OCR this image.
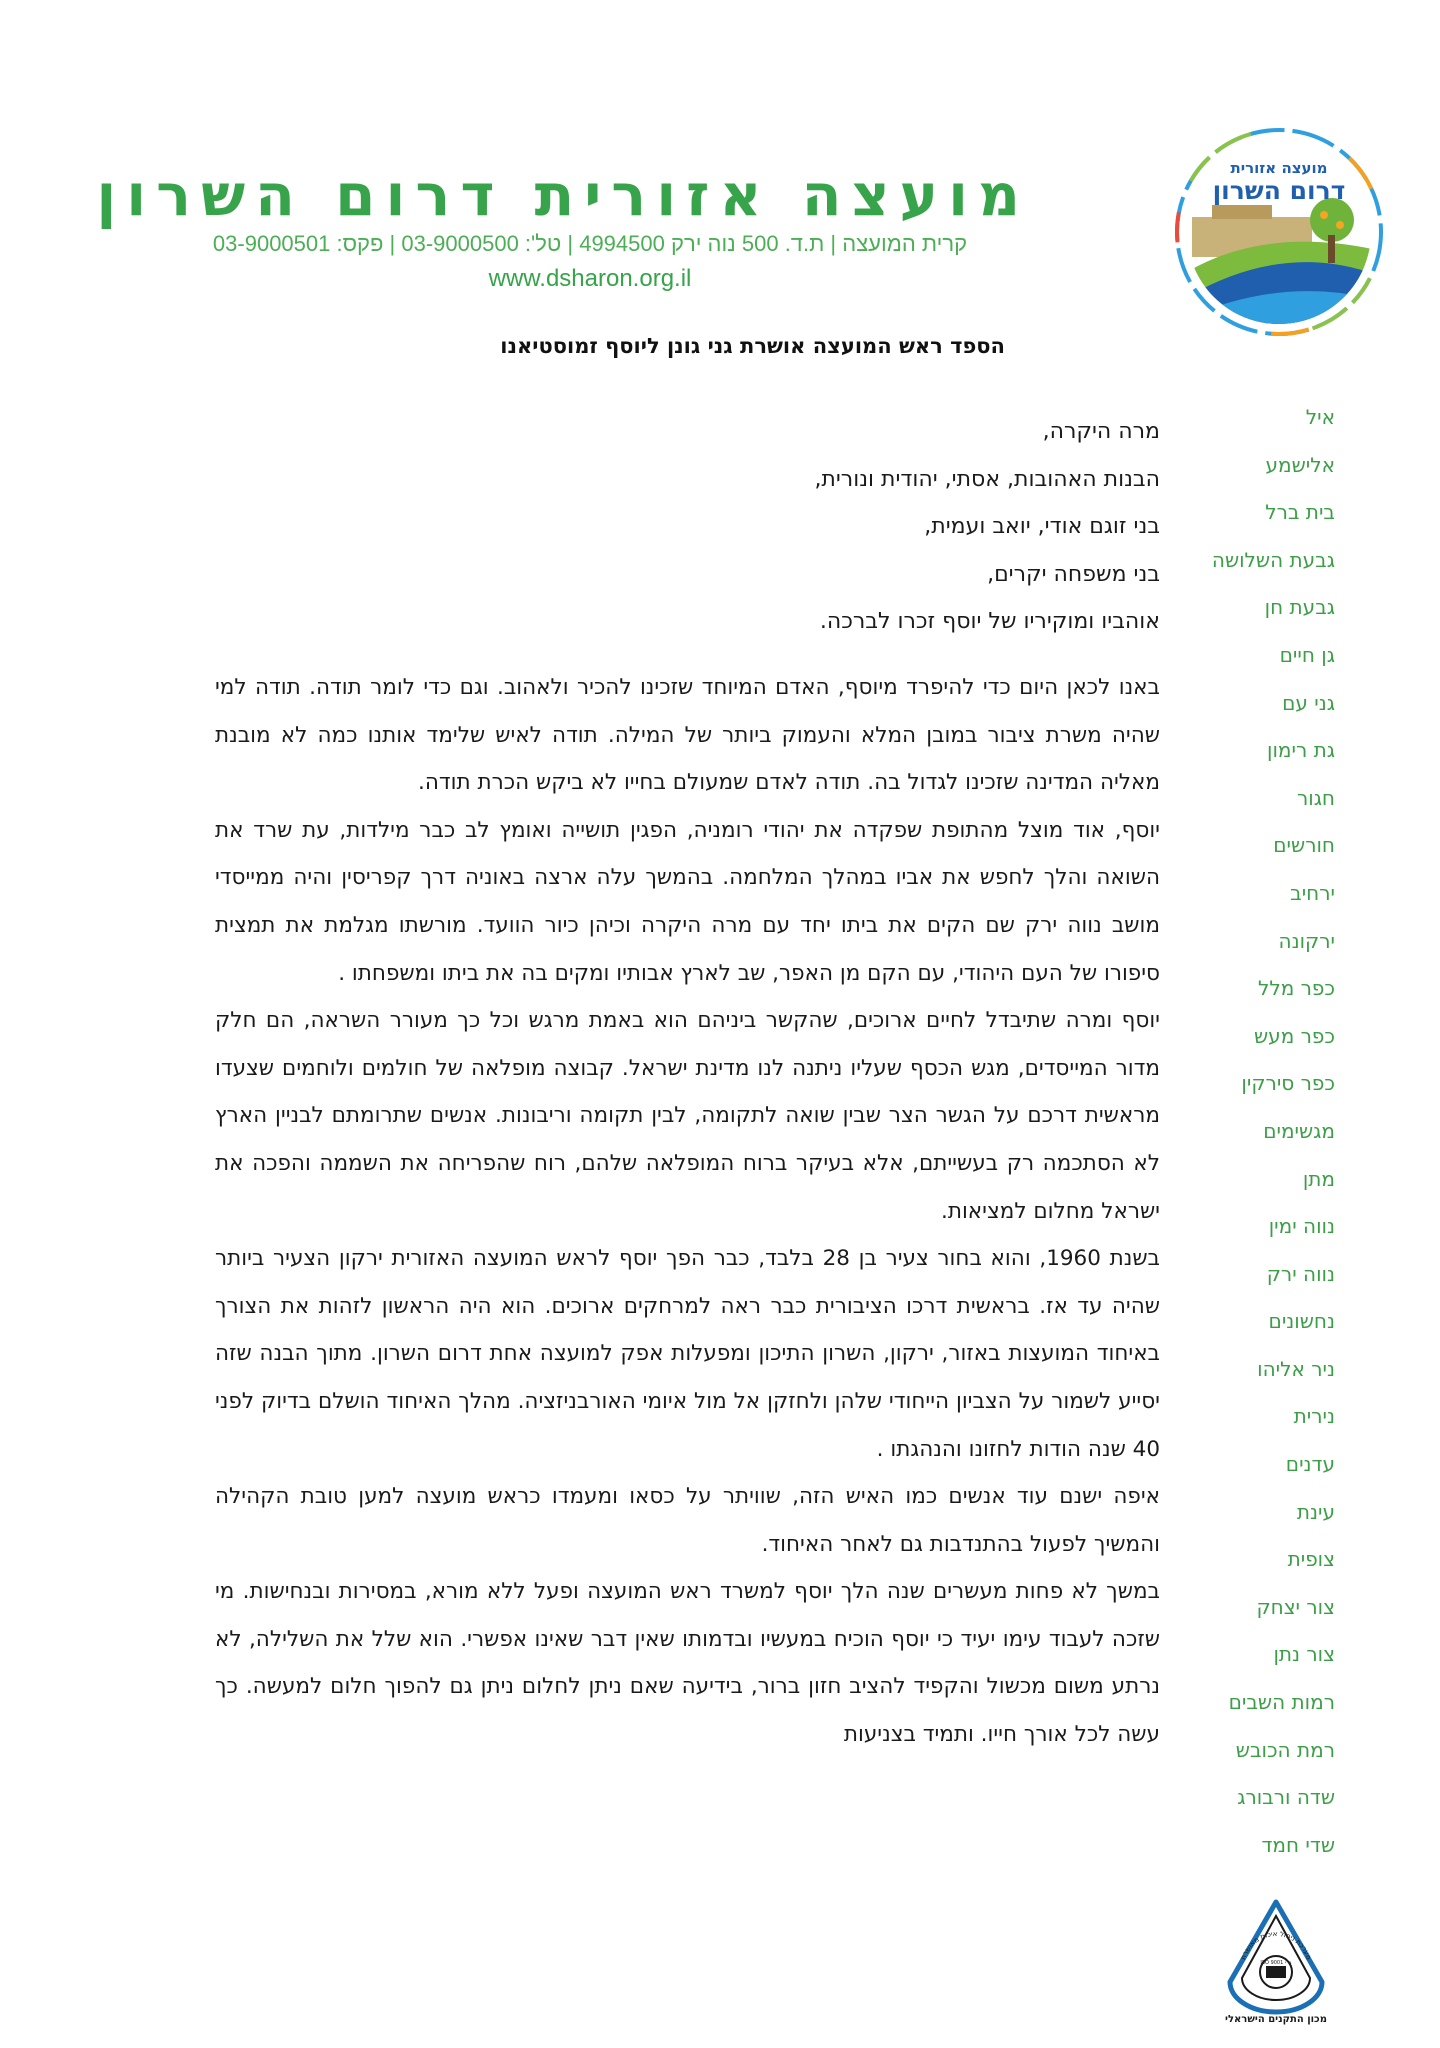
מועצה אזורית
דרום השרון
מועצה אזורית דרום השרון
קרית המועצה | ת.ד. 500 נוה ירק 4994500 | טל': 03-9000500 | פקס: 03-9000501
www.dsharon.org.il
הספד ראש המועצה אושרת גני גונן ליוסף זמוסטיאנו
איל
אלישמע
בית ברל
גבעת השלושה
גבעת חן
גן חיים
גני עם
גת רימון
חגור
חורשים
ירחיב
ירקונה
כפר מלל
כפר מעש
כפר סירקין
מגשימים
מתן
נווה ימין
נווה ירק
נחשונים
ניר אליהו
נירית
עדנים
עינת
צופית
צור יצחק
צור נתן
רמות השבים
רמת הכובש
שדה ורבורג
שדי חמד
מרה היקרה,
הבנות האהובות, אסתי, יהודית ונורית,
בני זוגם אודי, יואב ועמית,
בני משפחה יקרים,
אוהביו ומוקיריו של יוסף זכרו לברכה.

באנו לכאן היום כדי להיפרד מיוסף, האדם המיוחד שזכינו להכיר ולאהוב. וגם כדי לומר תודה. תודה למי שהיה משרת ציבור במובן המלא והעמוק ביותר של המילה. תודה לאיש שלימד אותנו כמה לא מובנת מאליה המדינה שזכינו לגדול בה. תודה לאדם שמעולם בחייו לא ביקש הכרת תודה.

יוסף, אוד מוצל מהתופת שפקדה את יהודי רומניה, הפגין תושייה ואומץ לב כבר מילדות, עת שרד את השואה והלך לחפש את אביו במהלך המלחמה. בהמשך עלה ארצה באוניה דרך קפריסין והיה ממייסדי מושב נווה ירק שם הקים את ביתו יחד עם מרה היקרה וכיהן כיור הוועד. מורשתו מגלמת את תמצית סיפורו של העם היהודי, עם הקם מן האפר, שב לארץ אבותיו ומקים בה את ביתו ומשפחתו .

יוסף ומרה שתיבדל לחיים ארוכים, שהקשר ביניהם הוא באמת מרגש וכל כך מעורר השראה, הם חלק מדור המייסדים, מגש הכסף שעליו ניתנה לנו מדינת ישראל. קבוצה מופלאה של חולמים ולוחמים שצעדו מראשית דרכם על הגשר הצר שבין שואה לתקומה, לבין תקומה וריבונות. אנשים שתרומתם לבניין הארץ לא הסתכמה רק בעשייתם, אלא בעיקר ברוח המופלאה שלהם, רוח שהפריחה את השממה והפכה את ישראל מחלום למציאות.

בשנת 1960, והוא בחור צעיר בן 28 בלבד, כבר הפך יוסף לראש המועצה האזורית ירקון הצעיר ביותר שהיה עד אז. בראשית דרכו הציבורית כבר ראה למרחקים ארוכים. הוא היה הראשון לזהות את הצורך באיחוד המועצות באזור, ירקון, השרון התיכון ומפעלות אפק למועצה אחת דרום השרון. מתוך הבנה שזה יסייע לשמור על הצביון הייחודי שלהן ולחזקן אל מול איומי האורבניזציה. מהלך האיחוד הושלם בדיוק לפני 40 שנה הודות לחזונו והנהגתו .

איפה ישנם עוד אנשים כמו האיש הזה, שוויתר על כסאו ומעמדו כראש מועצה למען טובת הקהילה והמשיך לפעול בהתנדבות גם לאחר האיחוד.

במשך לא פחות מעשרים שנה הלך יוסף למשרד ראש המועצה ופעל ללא מורא, במסירות ובנחישות. מי שזכה לעבוד עימו יעיד כי יוסף הוכיח במעשיו ובדמותו שאין דבר שאינו אפשרי. הוא שלל את השלילה, לא נרתע משום מכשול והקפיד להציב חזון ברור, בידיעה שאם ניתן לחלום ניתן גם להפוך חלום למעשה. כך עשה לכל אורך חייו. ותמיד בצניעות

מערכת ניהול איכות מאושרת
ת"י ISO 9001
מכון התקנים הישראלי
